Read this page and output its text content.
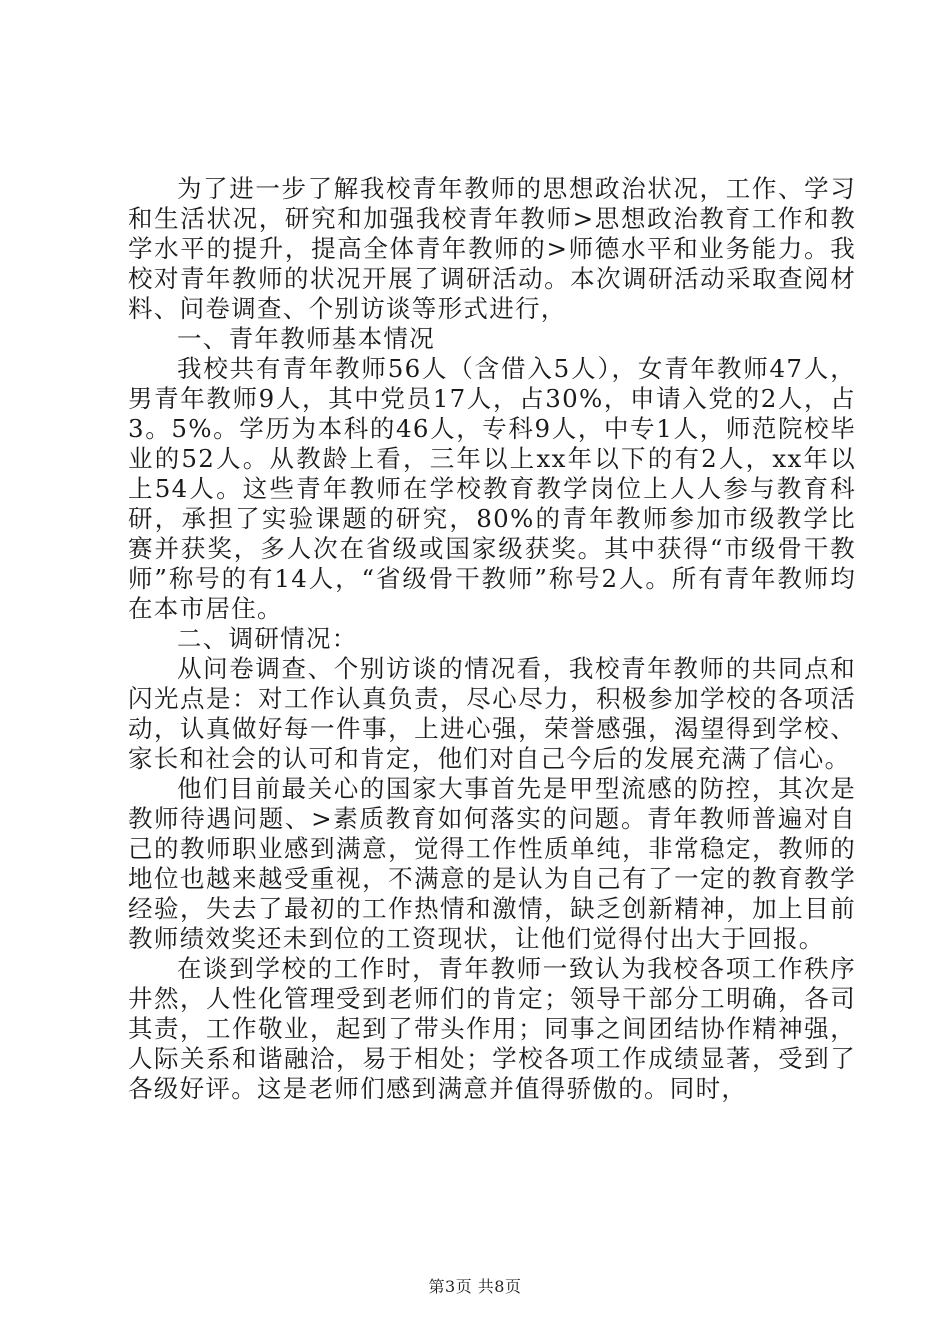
为了进一步了解我校青年教师的思想政治状况，工作、学习和生活状况，研究和加强我校青年教师>思想政治教育工作和教学水平的提升，提高全体青年教师的>师德水平和业务能力。我校对青年教师的状况开展了调研活动。本次调研活动采取查阅材料、问卷调查、个别访谈等形式进行，

一、青年教师基本情况

我校共有青年教师56人（含借入5人），女青年教师47人，男青年教师9人，其中党员17人，占30%，申请入党的2人，占3。5%。学历为本科的46人，专科9人，中专1人，师范院校毕业的52人。从教龄上看，三年以上xx年以下的有2人，xx年以上54人。这些青年教师在学校教育教学岗位上人人参与教育科研，承担了实验课题的研究，80%的青年教师参加市级教学比赛并获奖，多人次在省级或国家级获奖。其中获得“市级骨干教师”称号的有14人，“省级骨干教师”称号2人。所有青年教师均在本市居住。

二、调研情况：

从问卷调查、个别访谈的情况看，我校青年教师的共同点和闪光点是：对工作认真负责，尽心尽力，积极参加学校的各项活动，认真做好每一件事，上进心强，荣誉感强，渴望得到学校、家长和社会的认可和肯定，他们对自己今后的发展充满了信心。

他们目前最关心的国家大事首先是甲型流感的防控，其次是教师待遇问题、>素质教育如何落实的问题。青年教师普遍对自己的教师职业感到满意，觉得工作性质单纯，非常稳定，教师的地位也越来越受重视，不满意的是认为自己有了一定的教育教学经验，失去了最初的工作热情和激情，缺乏创新精神，加上目前教师绩效奖还未到位的工资现状，让他们觉得付出大于回报。

在谈到学校的工作时，青年教师一致认为我校各项工作秩序井然，人性化管理受到老师们的肯定；领导干部分工明确，各司其责，工作敬业，起到了带头作用；同事之间团结协作精神强，人际关系和谐融洽，易于相处；学校各项工作成绩显著，受到了各级好评。这是老师们感到满意并值得骄傲的。同时，

第3页 共8页
